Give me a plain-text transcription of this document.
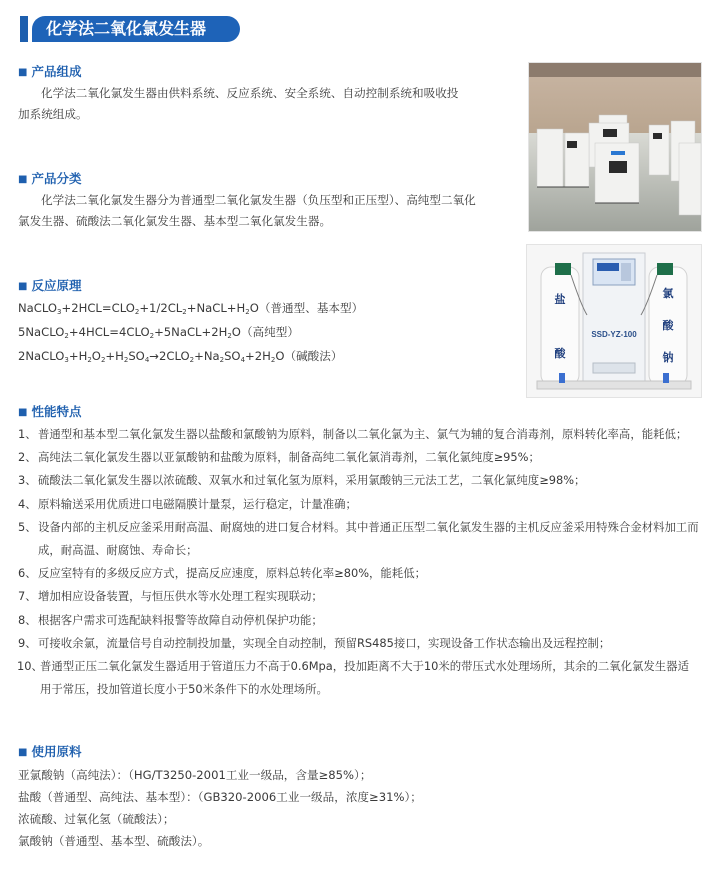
化学法二氧化氯发生器
■ 产品组成
化学法二氧化氯发生器由供料系统、反应系统、安全系统、自动控制系统和吸收投加系统组成。
■ 产品分类
化学法二氧化氯发生器分为普通型二氧化氯发生器（负压型和正压型）、高纯型二氧化氯发生器、硫酸法二氧化氯发生器、基本型二氧化氯发生器。
■ 反应原理
$NaCLO_3+2HCL=CLO_2+1/2CL_2+NaCL+H_2O$（普通型、基本型）
$5NaCLO_2+4HCL=4CLO_2+5NaCL+2H_2O$（高纯型）
$2NaCLO_3+H_2O_2+H_2SO_4\to 2CLO_2+Na_2SO_4+2H_2O$（碱酸法）
■ 性能特点
1、 普通型和基本型二氧化氯发生器以盐酸和氯酸钠为原料，制备以二氧化氯为主、氯气为辅的复合消毒剂，原料转化率高，能耗低；
2、 高纯法二氧化氯发生器以亚氯酸钠和盐酸为原料，制备高纯二氧化氯消毒剂，二氧化氯纯度≥95%；
3、 硫酸法二氧化氯发生器以浓硫酸、双氧水和过氧化氢为原料，采用氯酸钠三元法工艺，二氧化氯纯度≥98%；
4、 原料输送采用优质进口电磁隔膜计量泵，运行稳定，计量准确；
5、 设备内部的主机反应釜采用耐高温、耐腐烛的进口复合材料。其中普通正压型二氧化氯发生器的主机反应釜采用特殊合金材料加工而成，耐高温、耐腐蚀、寿命长；
6、 反应室特有的多级反应方式，提高反应速度，原料总转化率≥80%，能耗低；
7、 增加相应设备装置，与恒压供水等水处理工程实现联动；
8、 根据客户需求可选配缺料报警等故障自动停机保护功能；
9、 可接收余氯，流量信号自动控制投加量，实现全自动控制，预留RS485接口，实现设备工作状态输出及远程控制；
10、
普通型正压二氧化氯发生器适用于管道压力不高于0.6Mpa，投加距离不大于10米的带压式水处理场所，其余的二氧化氯发生器适用于常压，投加管道长度小于50米条件下的水处理场所。
■ 使用原料
亚氯酸钠（高纯法）：（HG/T3250-2001工业一级品，含量≥85%）；
盐酸（普通型、高纯法、基本型）：（GB320-2006工业一级品，浓度≥31%）；
浓硫酸、过氧化氢（硫酸法）；
氯酸钠（普通型、基本型、硫酸法）。
SSD-YZ-100
盐
酸
氯
酸
钠
